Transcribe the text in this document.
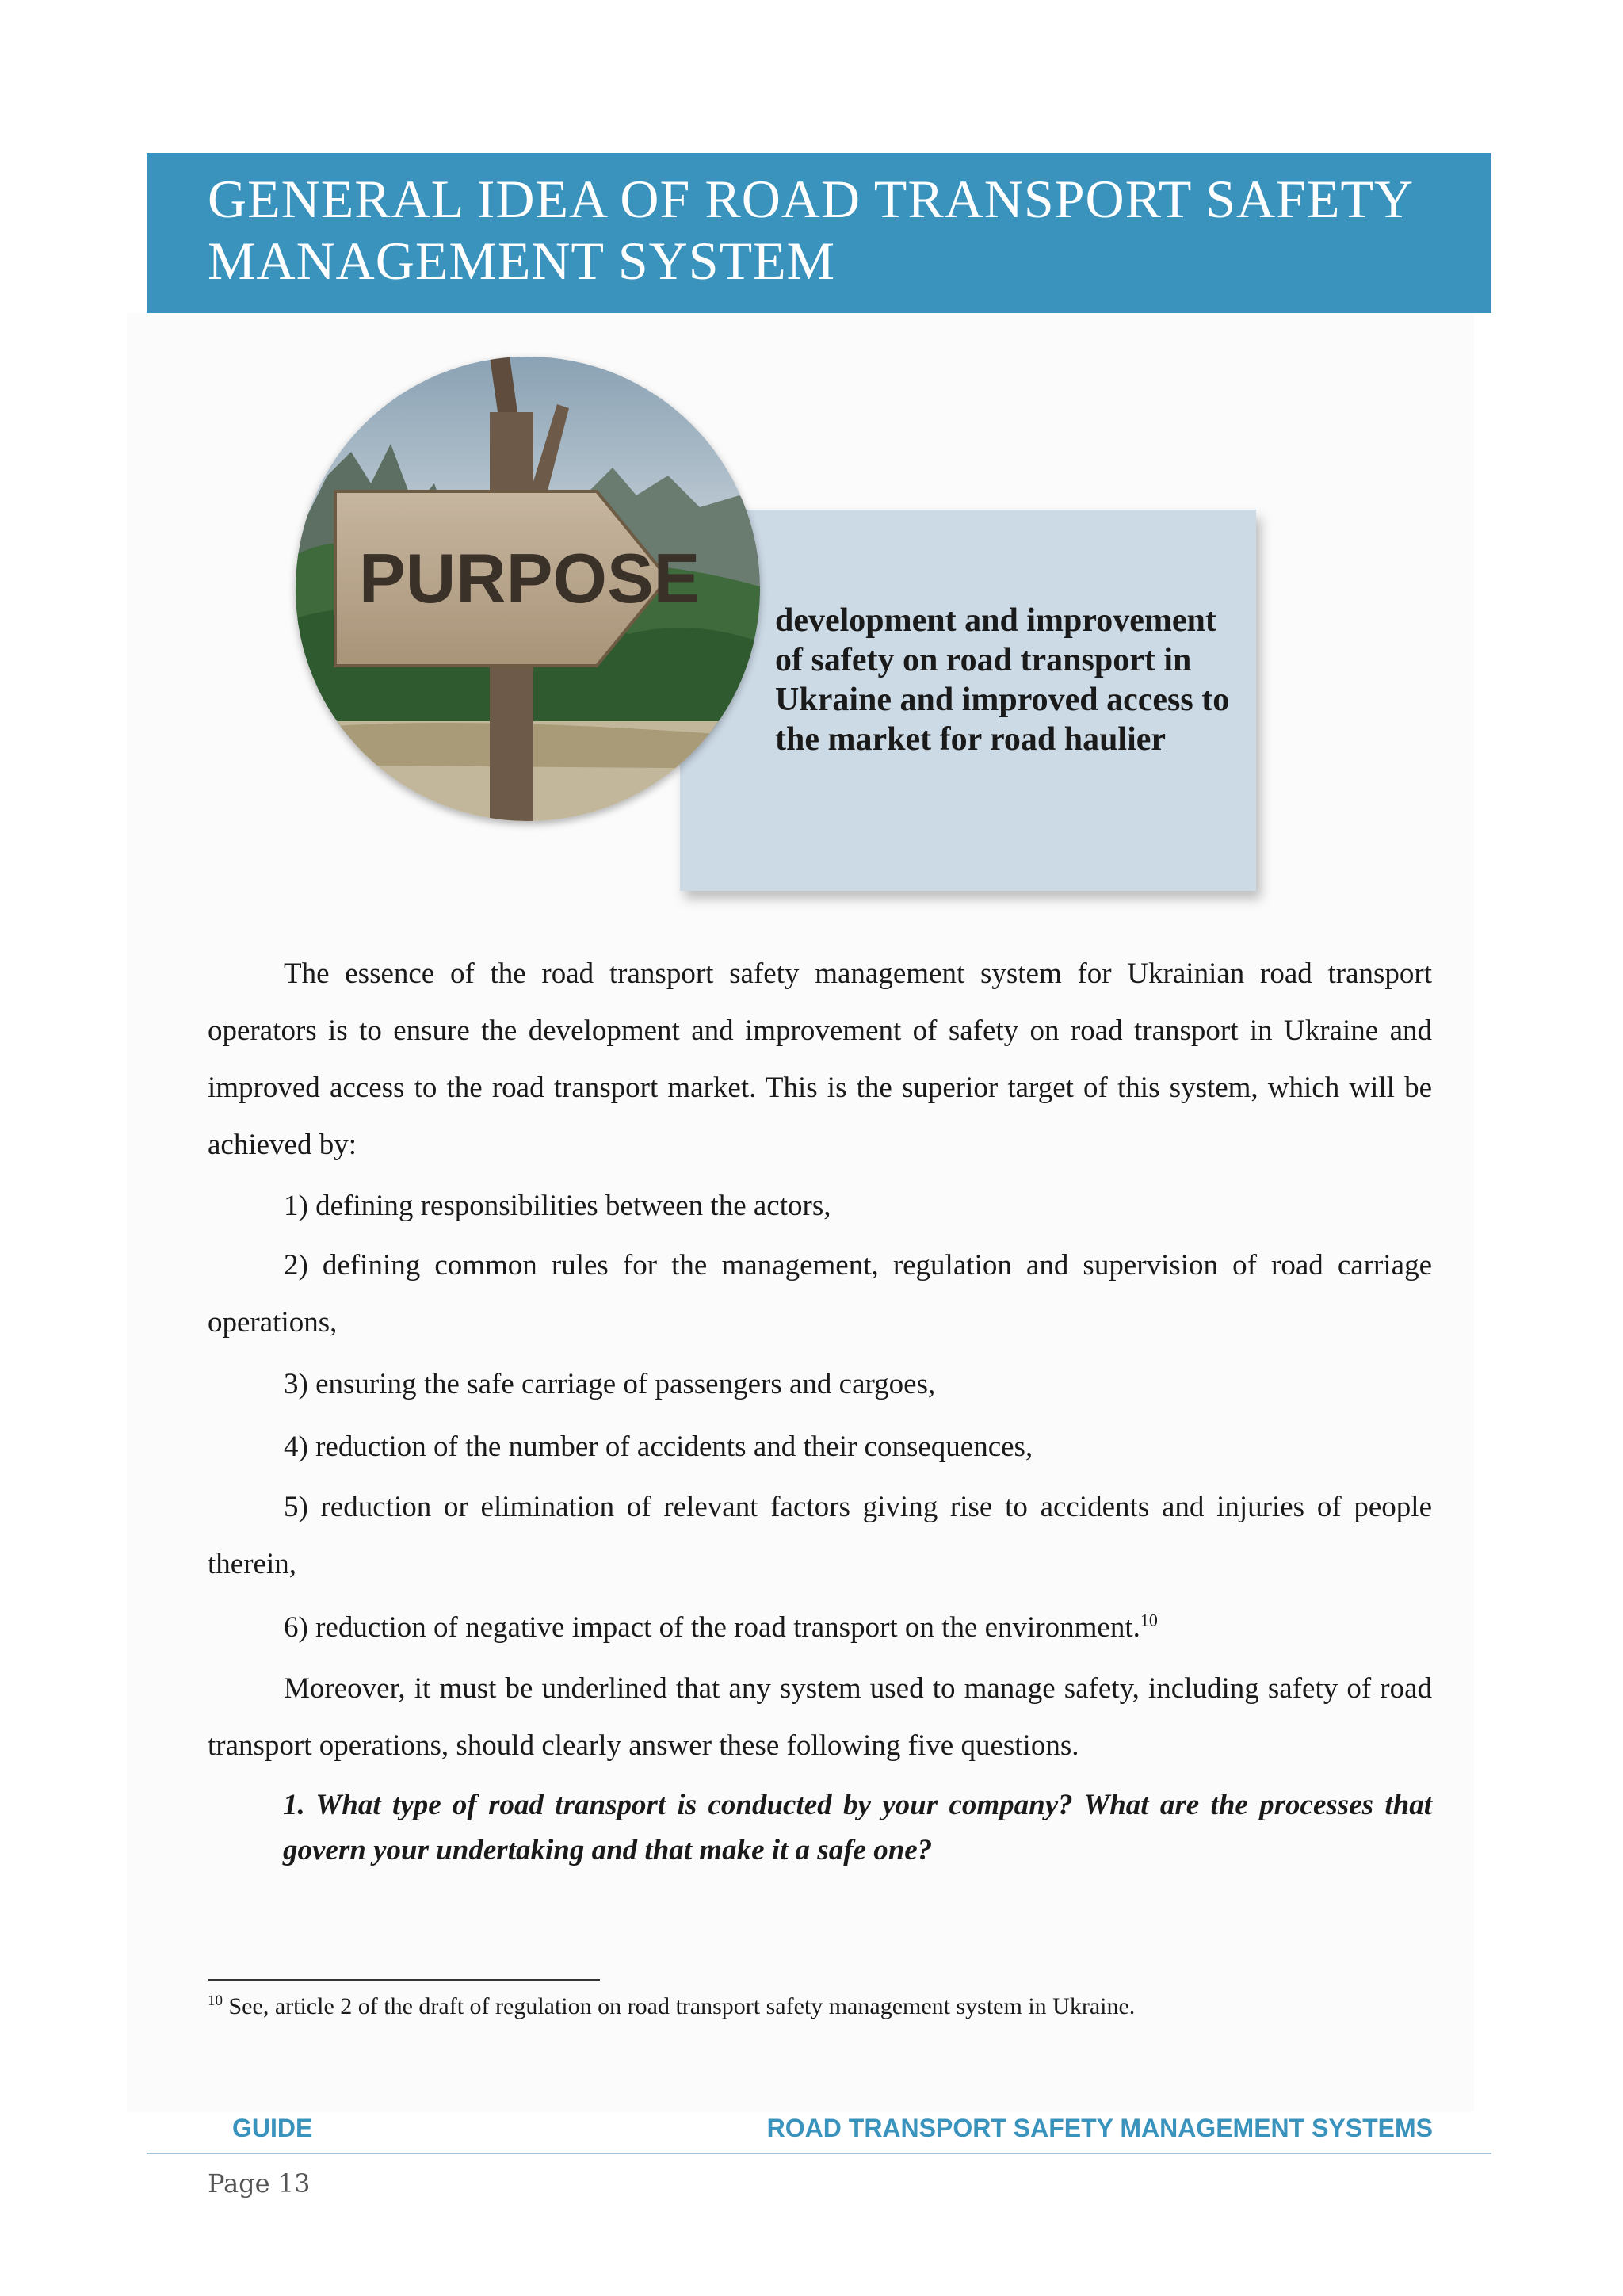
GENERAL IDEA OF ROAD TRANSPORT SAFETY
MANAGEMENT SYSTEM
development and improvement of safety on road transport in Ukraine and improved access to the market for road haulier
PURPOSE
The essence of the road transport safety management system for Ukrainian road transport operators is to ensure the development and improvement of safety on road transport in Ukraine and improved access to the road transport market. This is the superior target of this system, which will be achieved by:
1) defining responsibilities between the actors,
2) defining common rules for the management, regulation and supervision of road carriage operations,
3) ensuring the safe carriage of passengers and cargoes,
4) reduction of the number of accidents and their consequences,
5) reduction or elimination of relevant factors giving rise to accidents and injuries of people therein,
6) reduction of negative impact of the road transport on the environment.$^{10}$
Moreover, it must be underlined that any system used to manage safety, including safety of road transport operations, should clearly answer these following five questions.
1. What type of road transport is conducted by your company? What are the processes that govern your undertaking and that make it a safe one?
$^{10}$ See, article 2 of the draft of regulation on road transport safety management system in Ukraine.
GUIDE	ROAD TRANSPORT SAFETY MANAGEMENT SYSTEMS
Page 13
